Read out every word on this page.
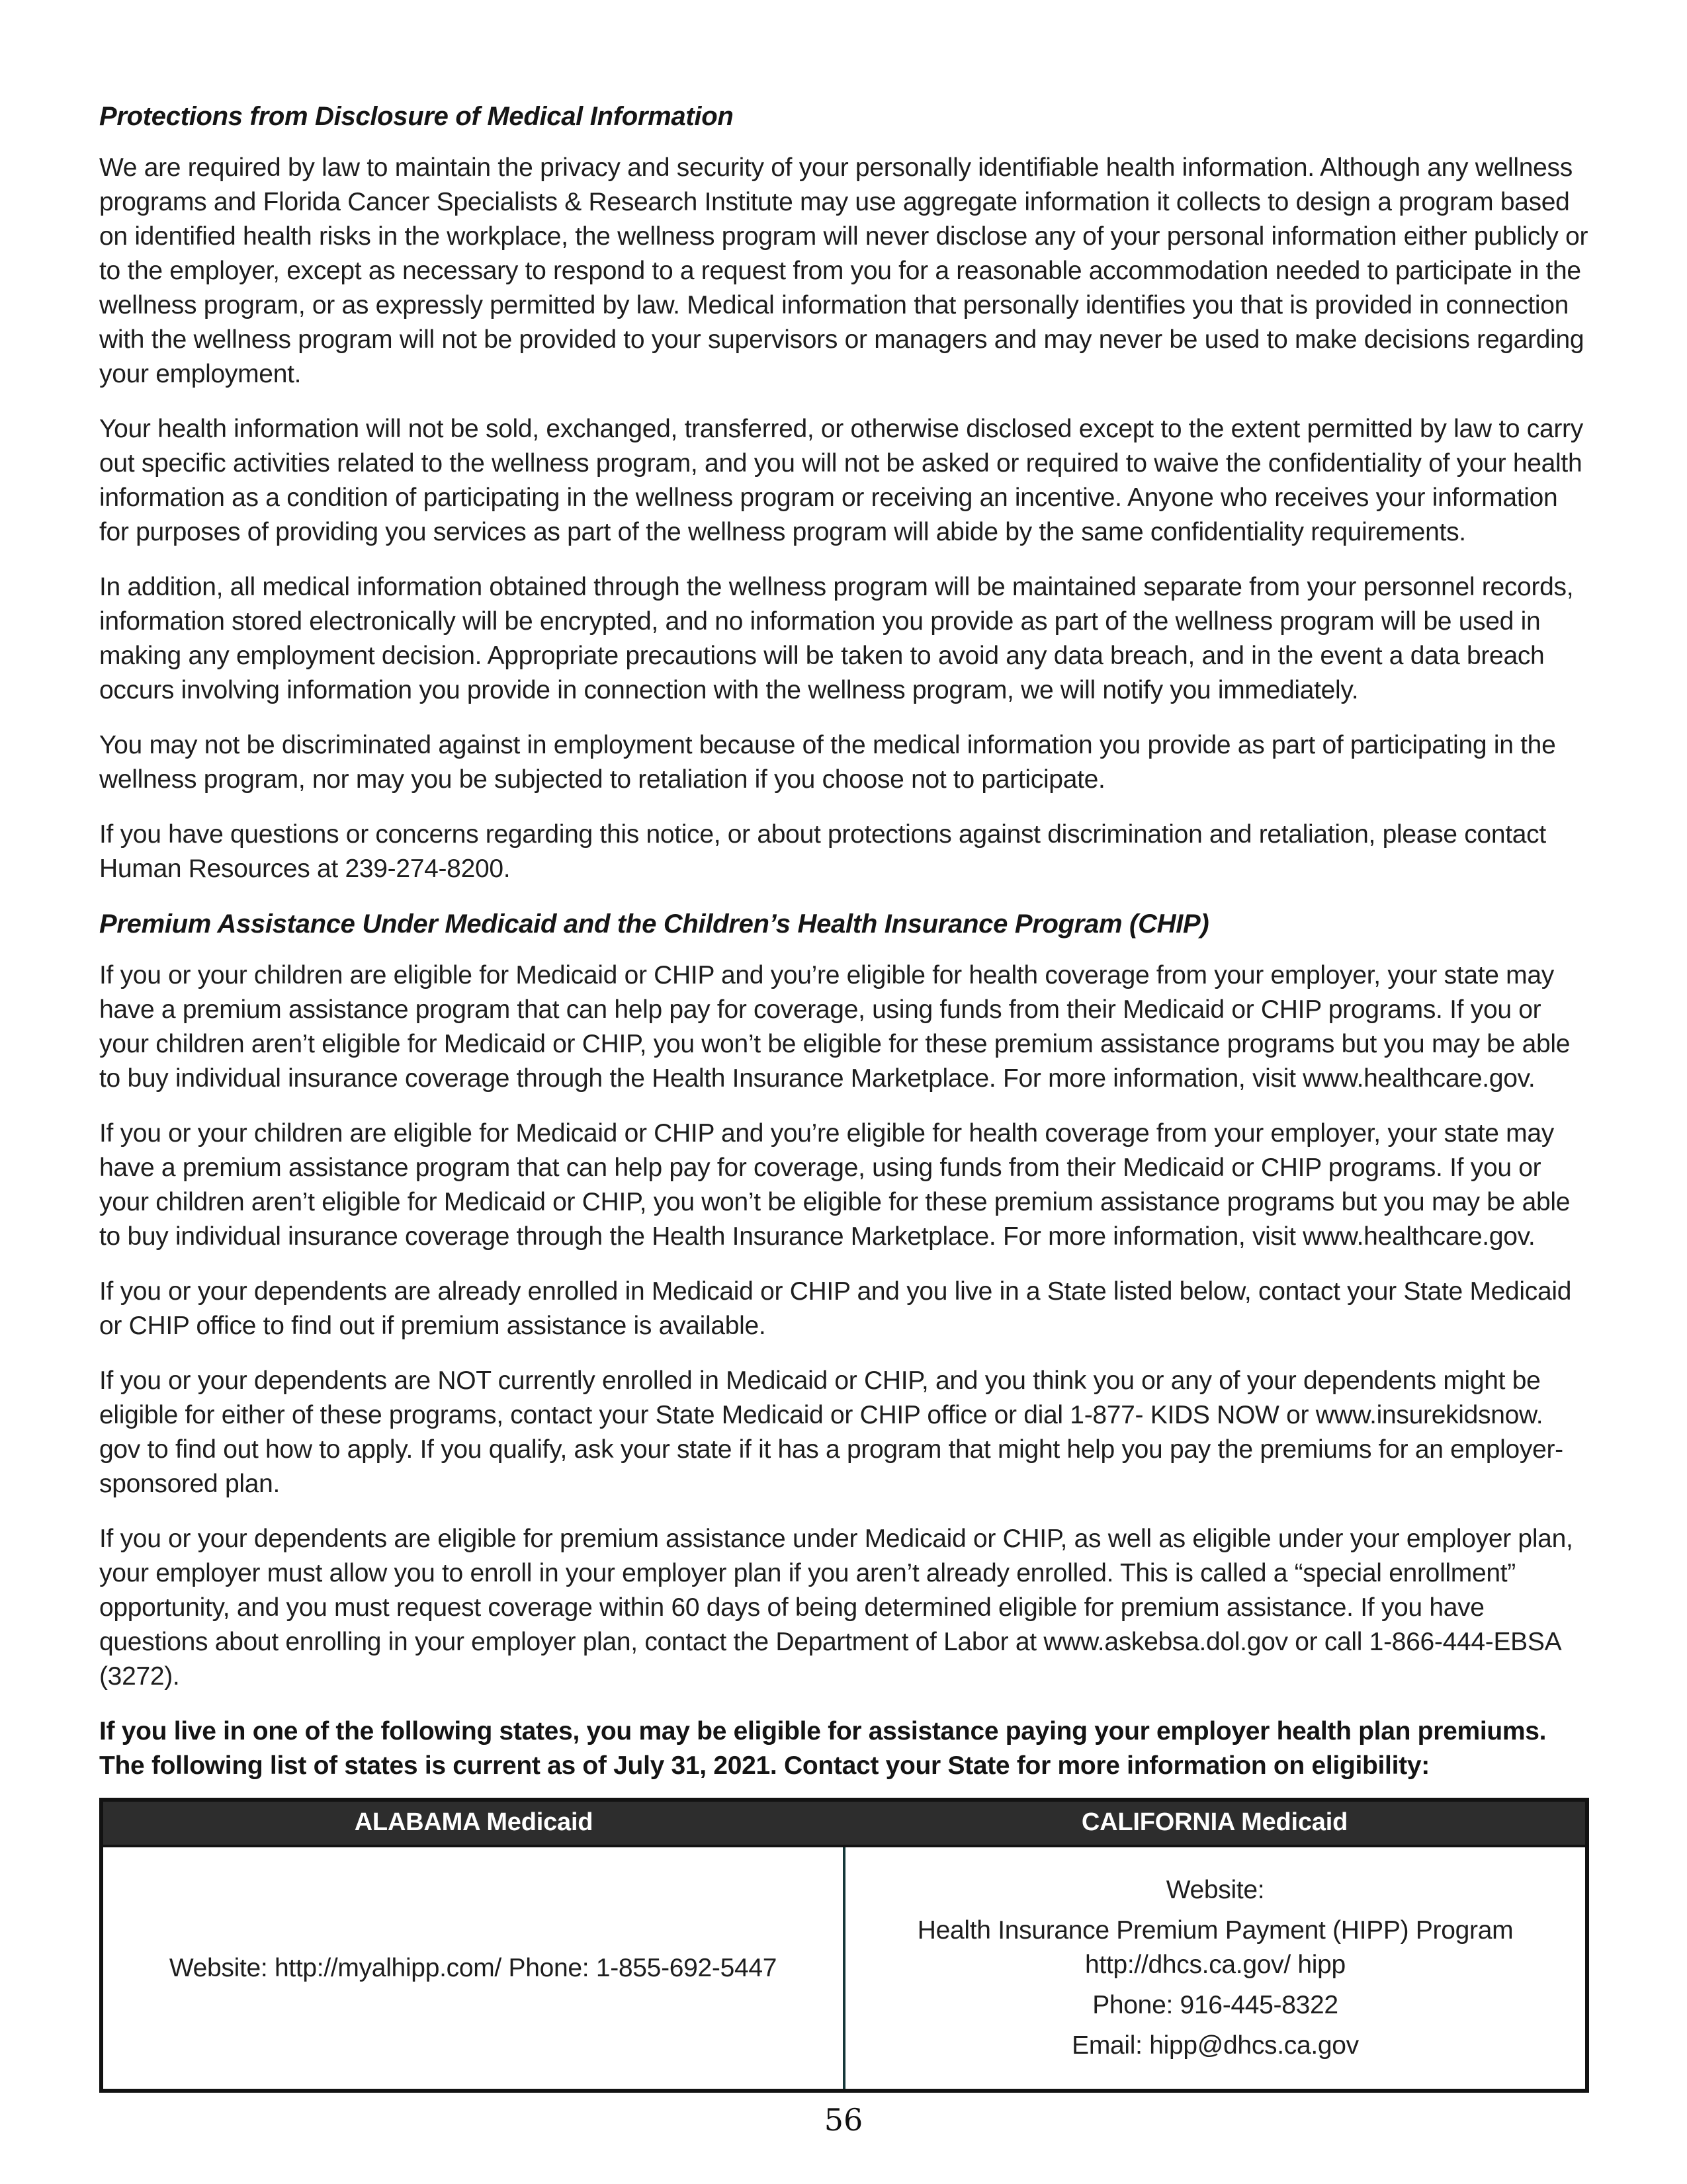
Protections from Disclosure of Medical Information

We are required by law to maintain the privacy and security of your personally identifiable health information. Although any wellness programs and Florida Cancer Specialists & Research Institute may use aggregate information it collects to design a program based on identified health risks in the workplace, the wellness program will never disclose any of your personal information either publicly or to the employer, except as necessary to respond to a request from you for a reasonable accommodation needed to participate in the wellness program, or as expressly permitted by law. Medical information that personally identifies you that is provided in connection with the wellness program will not be provided to your supervisors or managers and may never be used to make decisions regarding your employment.

Your health information will not be sold, exchanged, transferred, or otherwise disclosed except to the extent permitted by law to carry out specific activities related to the wellness program, and you will not be asked or required to waive the confidentiality of your health information as a condition of participating in the wellness program or receiving an incentive. Anyone who receives your information for purposes of providing you services as part of the wellness program will abide by the same confidentiality requirements.

In addition, all medical information obtained through the wellness program will be maintained separate from your personnel records, information stored electronically will be encrypted, and no information you provide as part of the wellness program will be used in making any employment decision. Appropriate precautions will be taken to avoid any data breach, and in the event a data breach occurs involving information you provide in connection with the wellness program, we will notify you immediately.

You may not be discriminated against in employment because of the medical information you provide as part of participating in the wellness program, nor may you be subjected to retaliation if you choose not to participate.

If you have questions or concerns regarding this notice, or about protections against discrimination and retaliation, please contact Human Resources at 239-274-8200.

Premium Assistance Under Medicaid and the Children’s Health Insurance Program (CHIP)

If you or your children are eligible for Medicaid or CHIP and you’re eligible for health coverage from your employer, your state may have a premium assistance program that can help pay for coverage, using funds from their Medicaid or CHIP programs. If you or your children aren’t eligible for Medicaid or CHIP, you won’t be eligible for these premium assistance programs but you may be able to buy individual insurance coverage through the Health Insurance Marketplace. For more information, visit www.healthcare.gov.

If you or your children are eligible for Medicaid or CHIP and you’re eligible for health coverage from your employer, your state may have a premium assistance program that can help pay for coverage, using funds from their Medicaid or CHIP programs. If you or your children aren’t eligible for Medicaid or CHIP, you won’t be eligible for these premium assistance programs but you may be able to buy individual insurance coverage through the Health Insurance Marketplace. For more information, visit www.healthcare.gov.

If you or your dependents are already enrolled in Medicaid or CHIP and you live in a State listed below, contact your State Medicaid or CHIP office to find out if premium assistance is available.

If you or your dependents are NOT currently enrolled in Medicaid or CHIP, and you think you or any of your dependents might be eligible for either of these programs, contact your State Medicaid or CHIP office or dial 1-877- KIDS NOW or www.insurekidsnow. gov to find out how to apply. If you qualify, ask your state if it has a program that might help you pay the premiums for an employer-sponsored plan.

If you or your dependents are eligible for premium assistance under Medicaid or CHIP, as well as eligible under your employer plan, your employer must allow you to enroll in your employer plan if you aren’t already enrolled. This is called a “special enrollment” opportunity, and you must request coverage within 60 days of being determined eligible for premium assistance. If you have questions about enrolling in your employer plan, contact the Department of Labor at www.askebsa.dol.gov or call 1-866-444-EBSA (3272).

If you live in one of the following states, you may be eligible for assistance paying your employer health plan premiums. The following list of states is current as of July 31, 2021. Contact your State for more information on eligibility:

ALABAMA Medicaid	CALIFORNIA Medicaid

Website: http://myalhipp.com/ Phone: 1-855-692-5447	Website:
Health Insurance Premium Payment (HIPP) Program http://dhcs.ca.gov/ hipp
Phone: 916-445-8322
Email: hipp@dhcs.ca.gov
56
